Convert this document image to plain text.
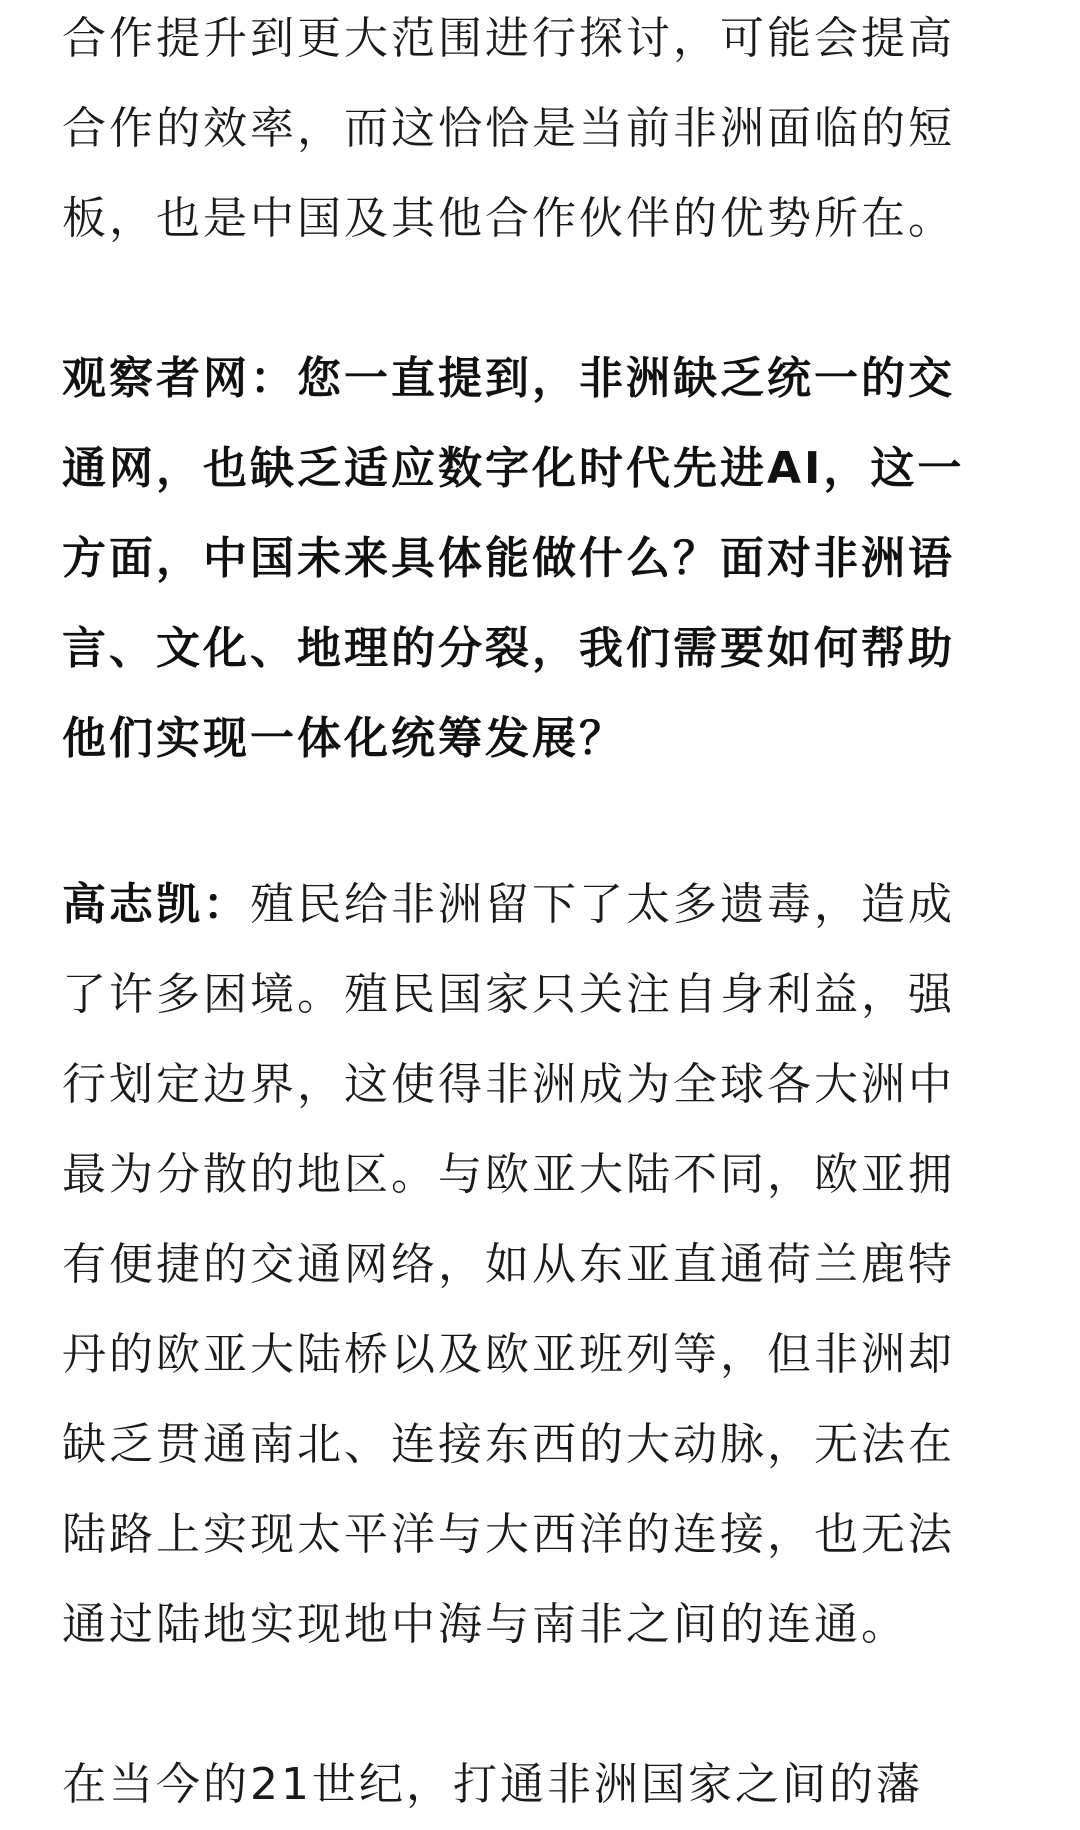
合作提升到更大范围进行探讨，可能会提高
合作的效率，而这恰恰是当前非洲面临的短
板，也是中国及其他合作伙伴的优势所在。
观察者网：您一直提到，非洲缺乏统一的交
通网，也缺乏适应数字化时代先进AI，这一
方面，中国未来具体能做什么？面对非洲语
言、文化、地理的分裂，我们需要如何帮助
他们实现一体化统筹发展？
高志凯：殖民给非洲留下了太多遗毒，造成
了许多困境。殖民国家只关注自身利益，强
行划定边界，这使得非洲成为全球各大洲中
最为分散的地区。与欧亚大陆不同，欧亚拥
有便捷的交通网络，如从东亚直通荷兰鹿特
丹的欧亚大陆桥以及欧亚班列等，但非洲却
缺乏贯通南北、连接东西的大动脉，无法在
陆路上实现太平洋与大西洋的连接，也无法
通过陆地实现地中海与南非之间的连通。
在当今的21世纪，打通非洲国家之间的藩
